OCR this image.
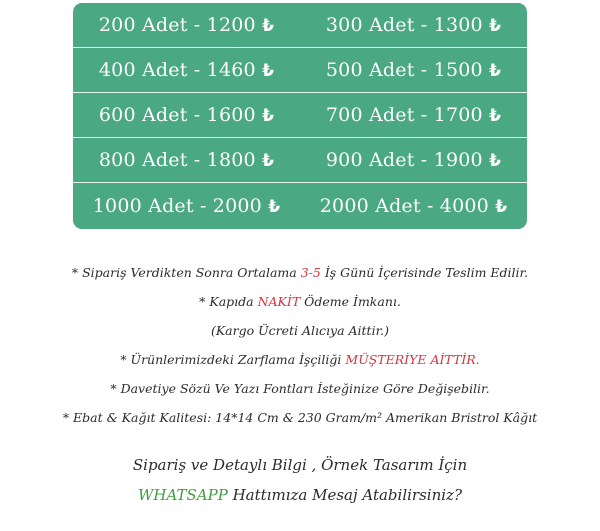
200 Adet - 1200 ₺	300 Adet - 1300 ₺
400 Adet - 1460 ₺	500 Adet - 1500 ₺
600 Adet - 1600 ₺	700 Adet - 1700 ₺
800 Adet - 1800 ₺	900 Adet - 1900 ₺
1000 Adet - 2000 ₺	2000 Adet - 4000 ₺
* Sipariş Verdikten Sonra Ortalama 3-5 İş Günü İçerisinde Teslim Edilir.
* Kapıda NAKİT Ödeme İmkanı.
(Kargo Ücreti Alıcıya Aittir.)
* Ürünlerimizdeki Zarflama İşçiliği MÜŞTERİYE AİTTİR.
* Davetiye Sözü Ve Yazı Fontları İsteğinize Göre Değişebilir.
* Ebat & Kağıt Kalitesi: 14*14 Cm & 230 Gram/m² Amerikan Bristrol Kâğıt
Sipariş ve Detaylı Bilgi , Örnek Tasarım İçin
WHATSAPP Hattımıza Mesaj Atabilirsiniz?
